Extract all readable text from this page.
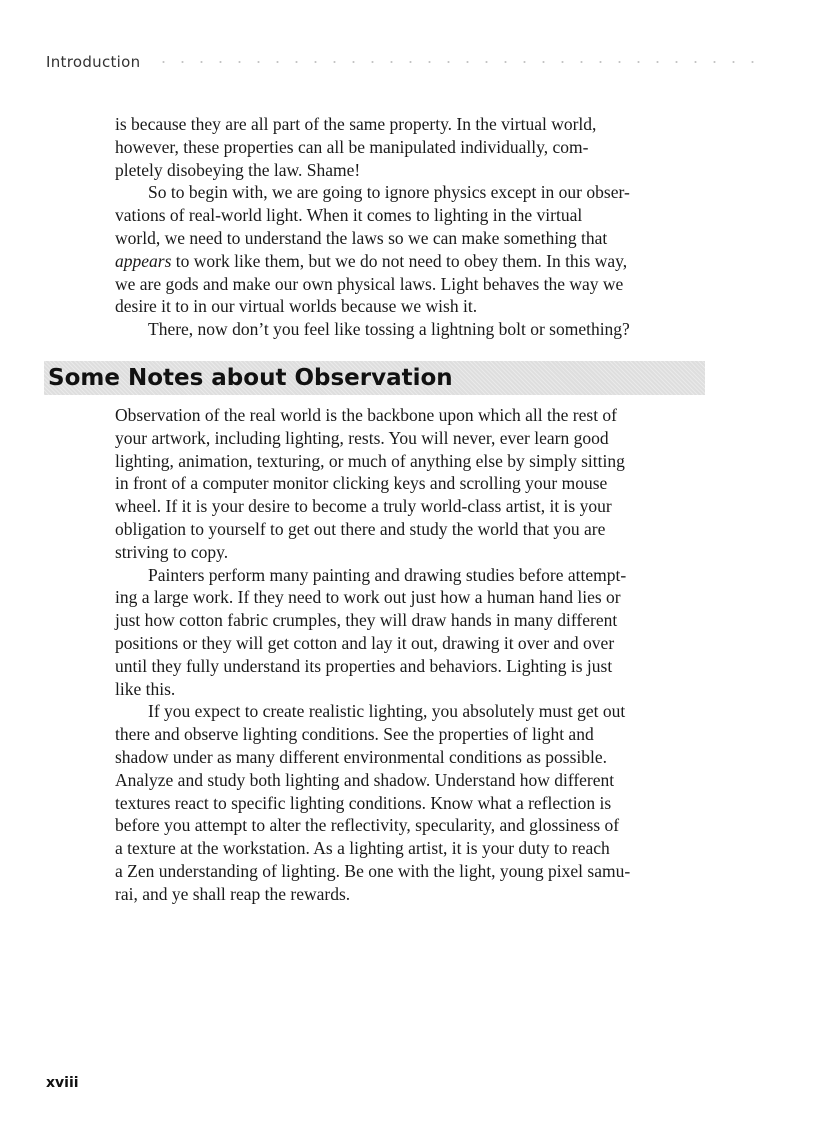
Introduction
is because they are all part of the same property. In the virtual world,
however, these properties can all be manipulated individually, com-
pletely disobeying the law. Shame!
So to begin with, we are going to ignore physics except in our obser-
vations of real-world light. When it comes to lighting in the virtual
world, we need to understand the laws so we can make something that
appears to work like them, but we do not need to obey them. In this way,
we are gods and make our own physical laws. Light behaves the way we
desire it to in our virtual worlds because we wish it.
There, now don’t you feel like tossing a lightning bolt or something?
Some Notes about Observation
Observation of the real world is the backbone upon which all the rest of
your artwork, including lighting, rests. You will never, ever learn good
lighting, animation, texturing, or much of anything else by simply sitting
in front of a computer monitor clicking keys and scrolling your mouse
wheel. If it is your desire to become a truly world-class artist, it is your
obligation to yourself to get out there and study the world that you are
striving to copy.
Painters perform many painting and drawing studies before attempt-
ing a large work. If they need to work out just how a human hand lies or
just how cotton fabric crumples, they will draw hands in many different
positions or they will get cotton and lay it out, drawing it over and over
until they fully understand its properties and behaviors. Lighting is just
like this.
If you expect to create realistic lighting, you absolutely must get out
there and observe lighting conditions. See the properties of light and
shadow under as many different environmental conditions as possible.
Analyze and study both lighting and shadow. Understand how different
textures react to specific lighting conditions. Know what a reflection is
before you attempt to alter the reflectivity, specularity, and glossiness of
a texture at the workstation. As a lighting artist, it is your duty to reach
a Zen understanding of lighting. Be one with the light, young pixel samu-
rai, and ye shall reap the rewards.
xviii
